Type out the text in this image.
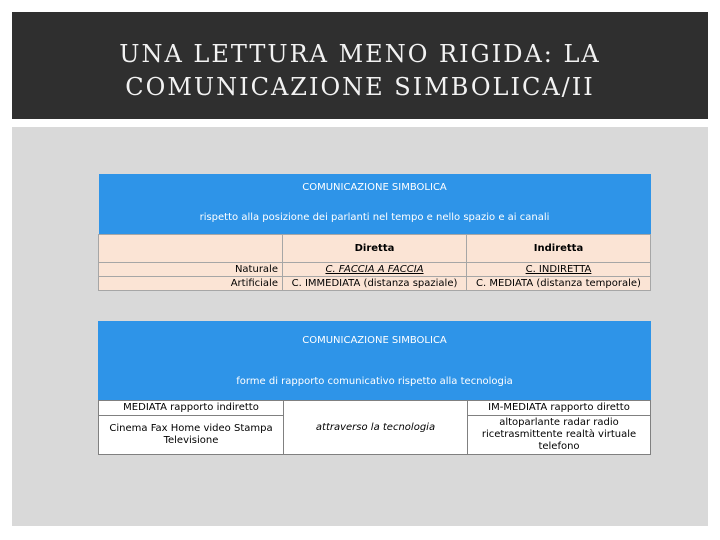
UNA LETTURA MENO RIGIDA: LA
COMUNICAZIONE SIMBOLICA/II
COMUNICAZIONE SIMBOLICA		
rispetto alla posizione dei parlanti nel tempo e nello spazio e ai canali		
	Diretta	Indiretta
Naturale	C. FACCIA A FACCIA	C. INDIRETTA
Artificiale	C. IMMEDIATA (distanza spaziale)	C. MEDIATA (distanza temporale)
COMUNICAZIONE SIMBOLICA
forme di rapporto comunicativo rispetto alla tecnologia
MEDIATA rapporto indiretto	attraverso la tecnologia	IM-MEDIATA rapporto diretto
Cinema Fax Home video Stampa Televisione		altoparlante radar radio ricetrasmittente realtà virtuale telefono
